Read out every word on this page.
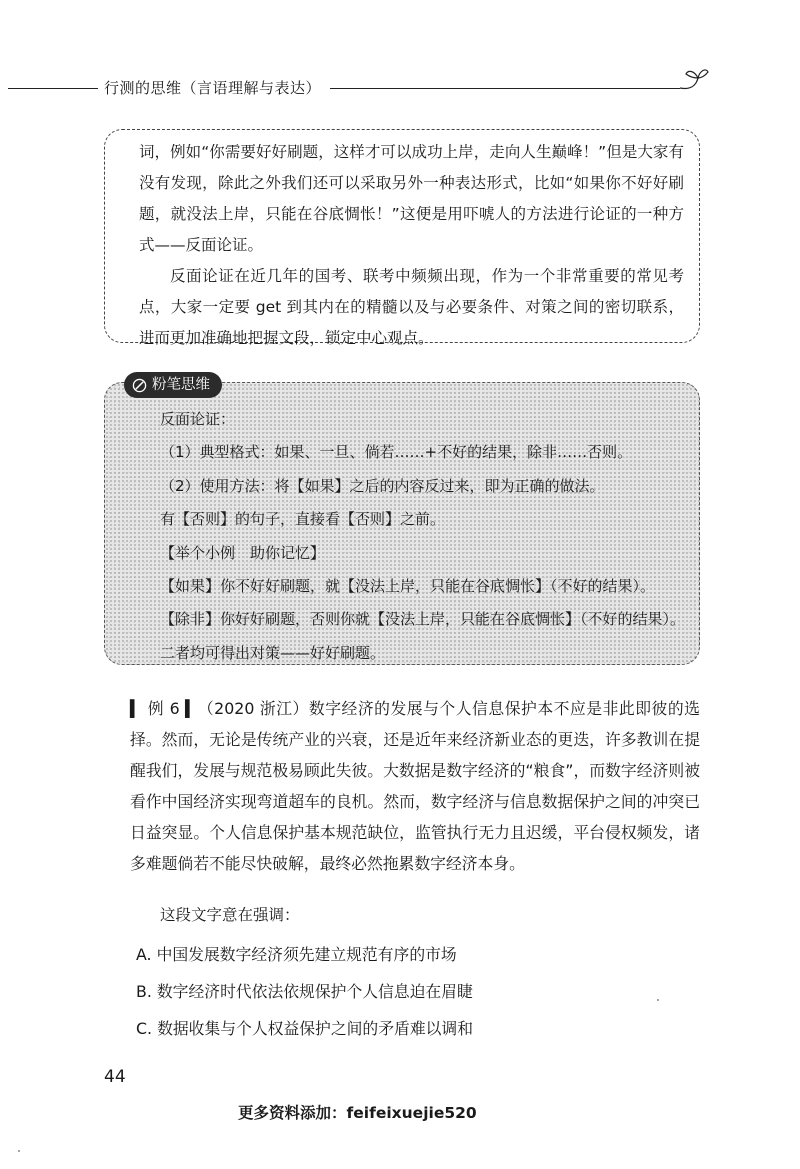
行测的思维（言语理解与表达）

词，例如“你需要好好刷题，这样才可以成功上岸，走向人生巅峰！”但是大家有没有发现，除此之外我们还可以采取另外一种表达形式，比如“如果你不好好刷题，就没法上岸，只能在谷底惆怅！”这便是用吓唬人的方法进行论证的一种方式——反面论证。

反面论证在近几年的国考、联考中频频出现，作为一个非常重要的常见考点，大家一定要 get 到其内在的精髓以及与必要条件、对策之间的密切联系，进而更加准确地把握文段，锁定中心观点。

粉笔思维
反面论证：
（1）典型格式：如果、一旦、倘若……+不好的结果，除非……否则。
（2）使用方法：将【如果】之后的内容反过来，即为正确的做法。
有【否则】的句子，直接看【否则】之前。
【举个小例　助你记忆】
【如果】你不好好刷题，就【没法上岸，只能在谷底惆怅】（不好的结果）。
【除非】你好好刷题，否则你就【没法上岸，只能在谷底惆怅】（不好的结果）。
二者均可得出对策——好好刷题。

▍ 例 6 ▍（2020 浙江）数字经济的发展与个人信息保护本不应是非此即彼的选择。然而，无论是传统产业的兴衰，还是近年来经济新业态的更迭，许多教训在提醒我们，发展与规范极易顾此失彼。大数据是数字经济的“粮食”，而数字经济则被看作中国经济实现弯道超车的良机。然而，数字经济与信息数据保护之间的冲突已日益突显。个人信息保护基本规范缺位，监管执行无力且迟缓，平台侵权频发，诸多难题倘若不能尽快破解，最终必然拖累数字经济本身。

这段文字意在强调：

A. 中国发展数字经济须先建立规范有序的市场
B. 数字经济时代依法依规保护个人信息迫在眉睫
C. 数据收集与个人权益保护之间的矛盾难以调和
44
更多资料添加：feifeixuejie520
